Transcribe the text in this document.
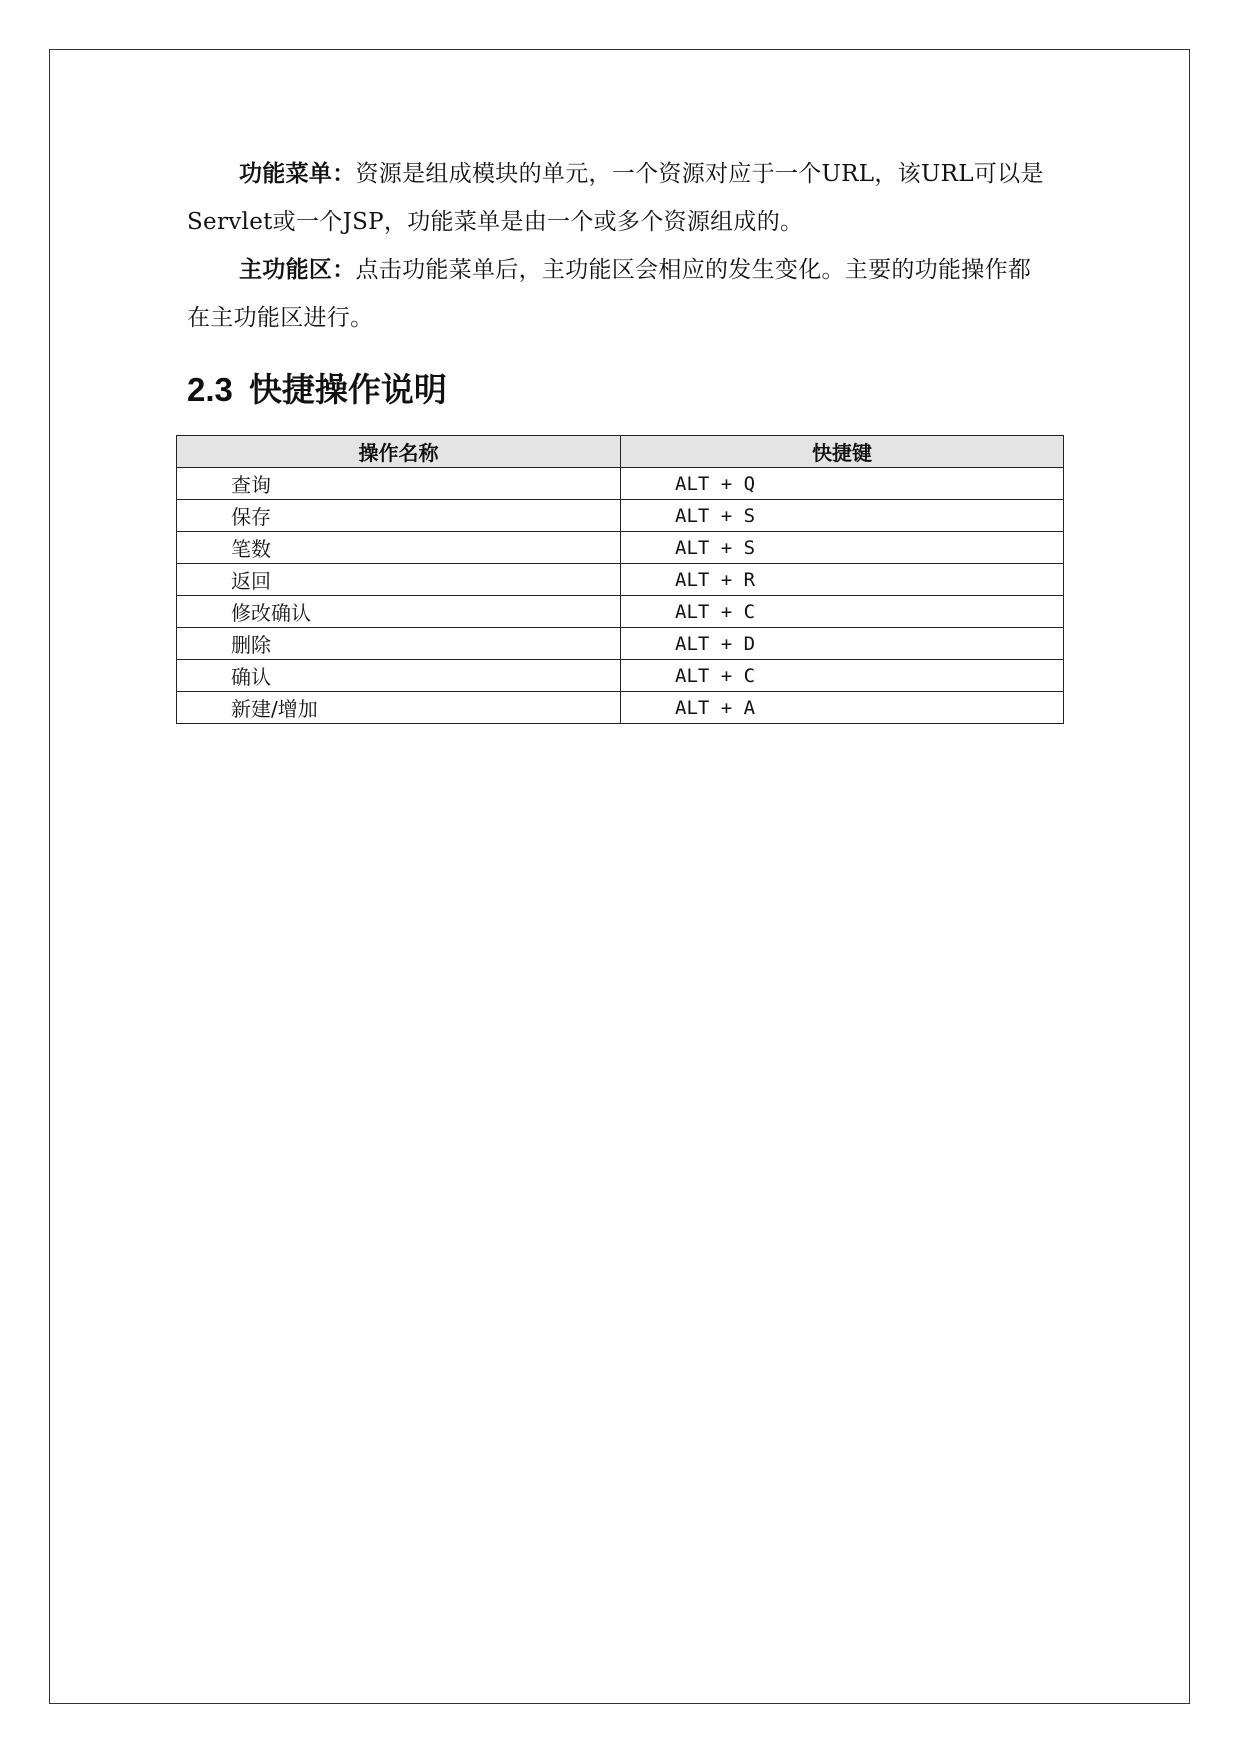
功能菜单：资源是组成模块的单元，一个资源对应于一个URL，该URL可以是Servlet或一个JSP，功能菜单是由一个或多个资源组成的。

主功能区：点击功能菜单后，主功能区会相应的发生变化。主要的功能操作都在主功能区进行。

2.3 快捷操作说明
操作名称	快捷键
查询	ALT + Q
保存	ALT + S
笔数	ALT + S
返回	ALT + R
修改确认	ALT + C
删除	ALT + D
确认	ALT + C
新建/增加	ALT + A
